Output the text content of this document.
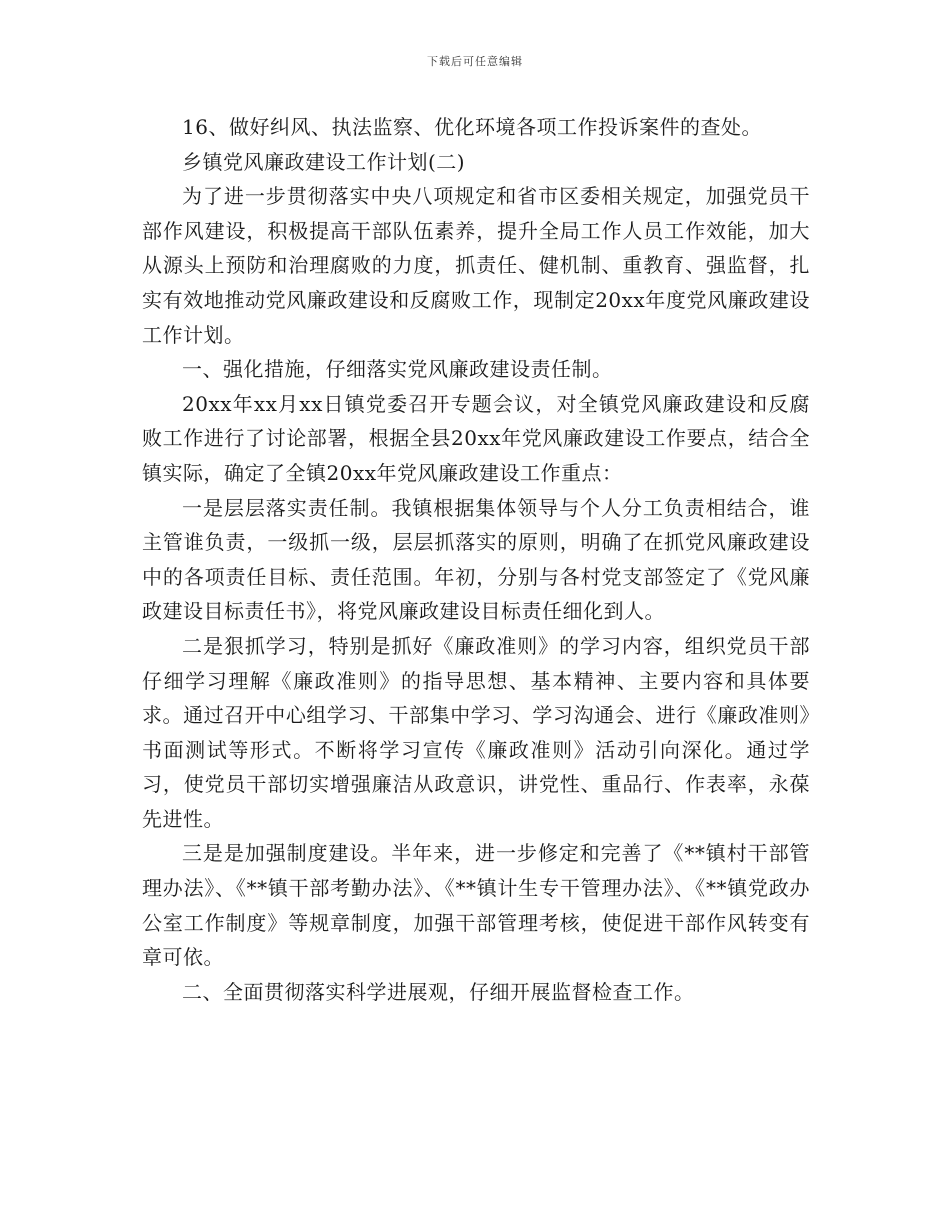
下载后可任意编辑

16、做好纠风、执法监察、优化环境各项工作投诉案件的查处。

乡镇党风廉政建设工作计划(二)

为了进一步贯彻落实中央八项规定和省市区委相关规定，加强党员干部作风建设，积极提高干部队伍素养，提升全局工作人员工作效能，加大从源头上预防和治理腐败的力度，抓责任、健机制、重教育、强监督，扎实有效地推动党风廉政建设和反腐败工作，现制定20xx年度党风廉政建设工作计划。

一、强化措施，仔细落实党风廉政建设责任制。

20xx年xx月xx日镇党委召开专题会议，对全镇党风廉政建设和反腐败工作进行了讨论部署，根据全县20xx年党风廉政建设工作要点，结合全镇实际，确定了全镇20xx年党风廉政建设工作重点：

一是层层落实责任制。我镇根据集体领导与个人分工负责相结合，谁主管谁负责，一级抓一级，层层抓落实的原则，明确了在抓党风廉政建设中的各项责任目标、责任范围。年初，分别与各村党支部签定了《党风廉政建设目标责任书》，将党风廉政建设目标责任细化到人。

二是狠抓学习，特别是抓好《廉政准则》的学习内容，组织党员干部仔细学习理解《廉政准则》的指导思想、基本精神、主要内容和具体要求。通过召开中心组学习、干部集中学习、学习沟通会、进行《廉政准则》书面测试等形式。不断将学习宣传《廉政准则》活动引向深化。通过学习，使党员干部切实增强廉洁从政意识，讲党性、重品行、作表率，永葆先进性。

三是是加强制度建设。半年来，进一步修定和完善了《**镇村干部管理办法》、《**镇干部考勤办法》、《**镇计生专干管理办法》、《**镇党政办公室工作制度》等规章制度，加强干部管理考核，使促进干部作风转变有章可依。

二、全面贯彻落实科学进展观，仔细开展监督检查工作。
